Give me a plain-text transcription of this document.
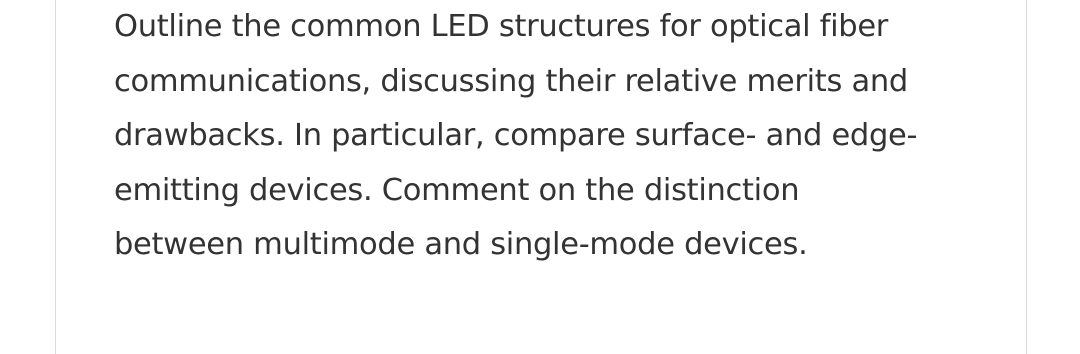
Outline the common LED structures for optical fiber
communications, discussing their relative merits and
drawbacks. In particular, compare surface- and edge-
emitting devices. Comment on the distinction
between multimode and single-mode devices.
